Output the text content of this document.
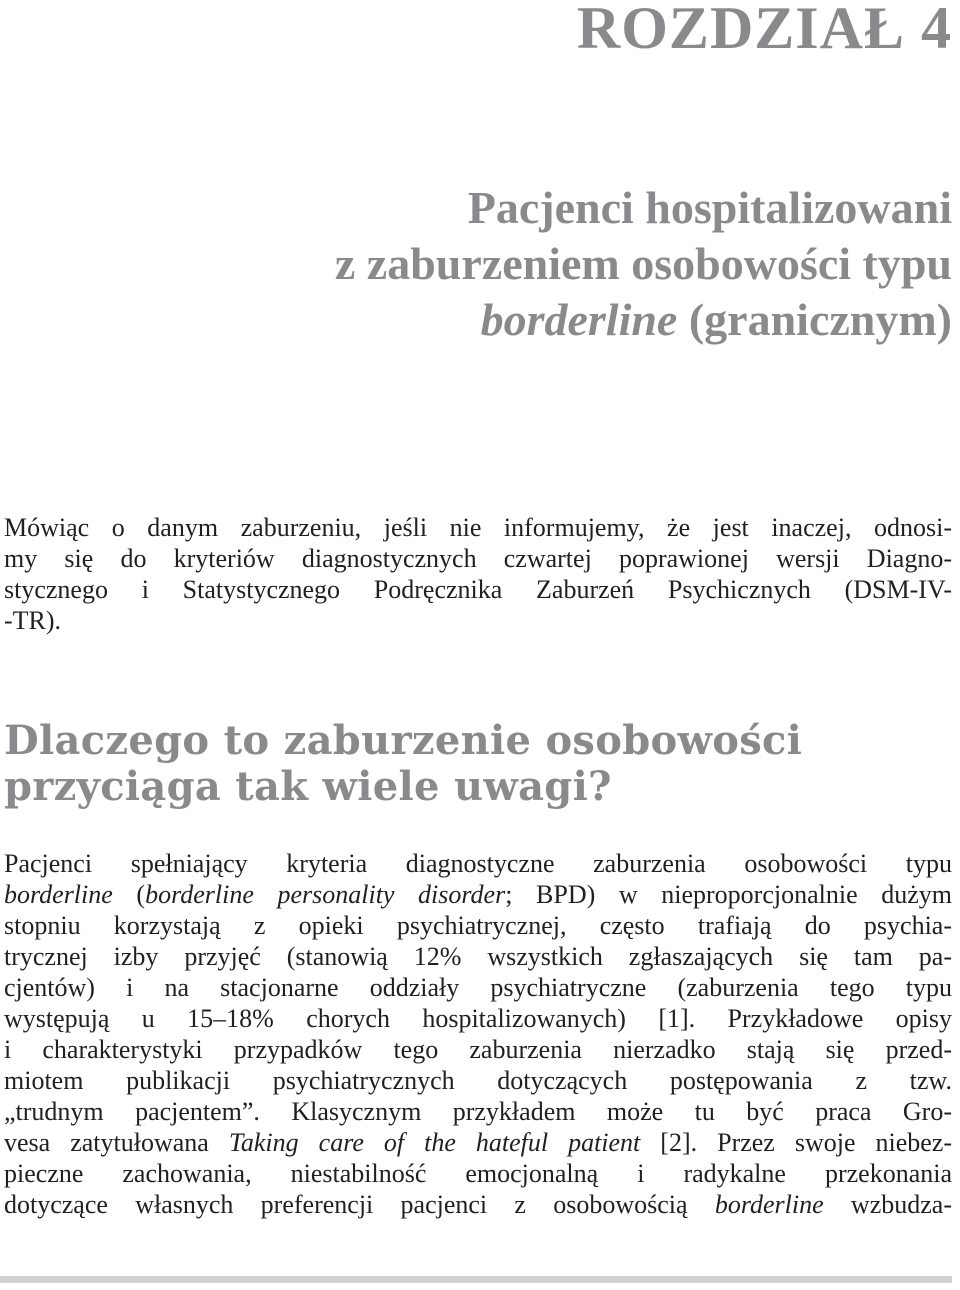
ROZDZIAŁ 4
Pacjenci hospitalizowani
z zaburzeniem osobowości typu
borderline (granicznym)
Mówiąc o danym zaburzeniu, jeśli nie informujemy, że jest inaczej, odnosi-
my się do kryteriów diagnostycznych czwartej poprawionej wersji Diagno-
stycznego i Statystycznego Podręcznika Zaburzeń Psychicznych (DSM-IV-
-TR).
Dlaczego to zaburzenie osobowości
przyciąga tak wiele uwagi?
Pacjenci spełniający kryteria diagnostyczne zaburzenia osobowości typu
borderline (borderline personality disorder; BPD) w nieproporcjonalnie dużym
stopniu korzystają z opieki psychiatrycznej, często trafiają do psychia-
trycznej izby przyjęć (stanowią 12% wszystkich zgłaszających się tam pa-
cjentów) i na stacjonarne oddziały psychiatryczne (zaburzenia tego typu
występują u 15–18% chorych hospitalizowanych) [1]. Przykładowe opisy
i charakterystyki przypadków tego zaburzenia nierzadko stają się przed-
miotem publikacji psychiatrycznych dotyczących postępowania z tzw.
„trudnym pacjentem”. Klasycznym przykładem może tu być praca Gro-
vesa zatytułowana Taking care of the hateful patient [2]. Przez swoje niebez-
pieczne zachowania, niestabilność emocjonalną i radykalne przekonania
dotyczące własnych preferencji pacjenci z osobowością borderline wzbudza-
